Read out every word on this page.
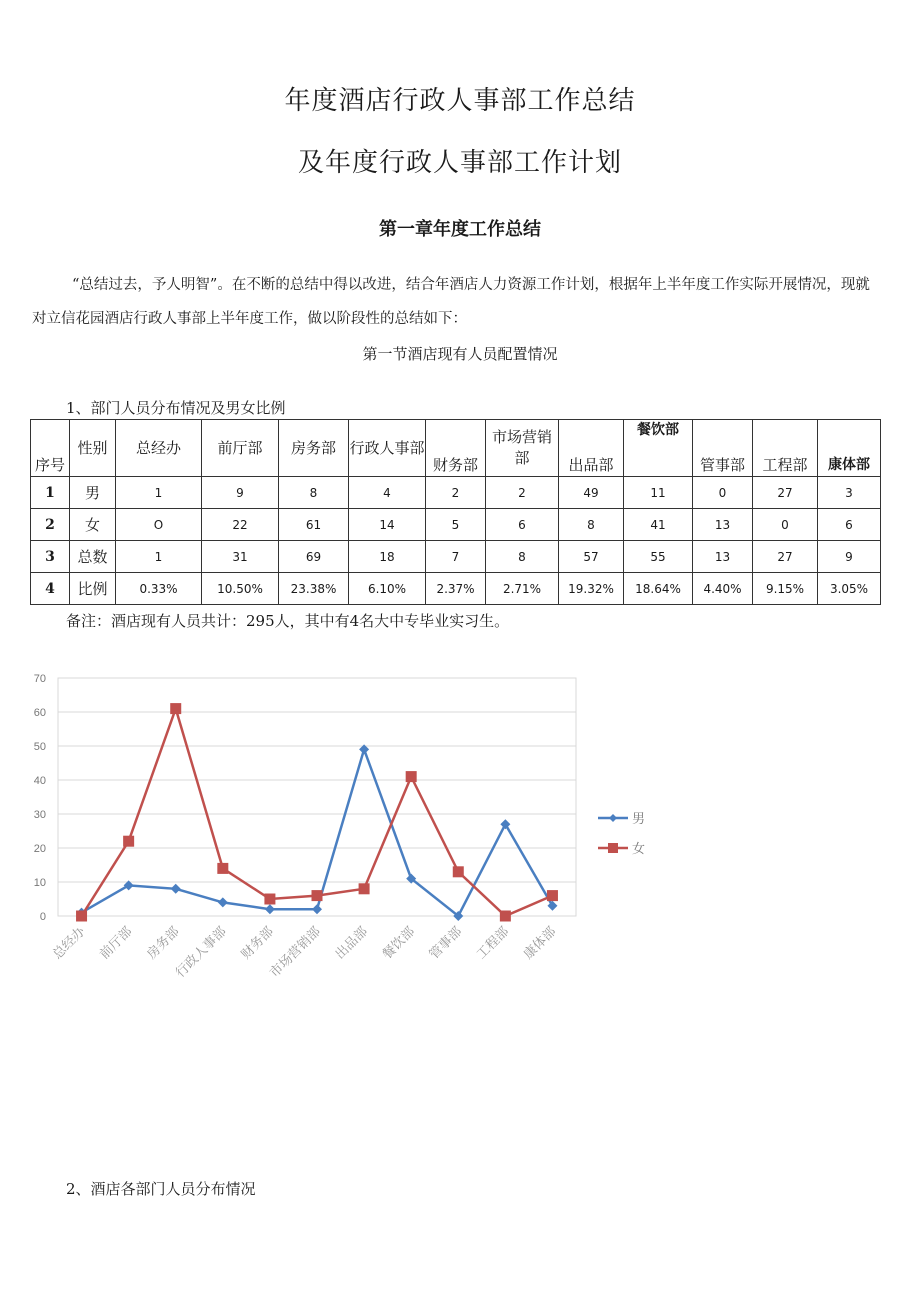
年度酒店行政人事部工作总结
及年度行政人事部工作计划
第一章年度工作总结
“总结过去，予人明智”。在不断的总结中得以改进，结合年酒店人力资源工作计划，根据年上半年度工作实际开展情况，现就对立信花园酒店行政人事部上半年度工作，做以阶段性的总结如下：
第一节酒店现有人员配置情况
1、部门人员分布情况及男女比例
序号	性别	总经办	前厅部	房务部	行政人事部	财务部	市场营销部	出品部	餐饮部	管事部	工程部	康体部
1	男	1	9	8	4	2	2	49	11	0	27	3
2	女	O	22	61	14	5	6	8	41	13	0	6
3	总数	1	31	69	18	7	8	57	55	13	27	9
4	比例	0.33%	10.50%	23.38%	6.10%	2.37%	2.71%	19.32%	18.64%	4.40%	9.15%	3.05%
备注：酒店现有人员共计：295人，其中有4名大中专毕业实习生。
0
10
20
30
40
50
60
70
总经办 前厅部 房务部
行政人事部 财务部
市场营销部 出品部 餐饮部 管事部 工程部 康体部
男
女
2、酒店各部门人员分布情况
